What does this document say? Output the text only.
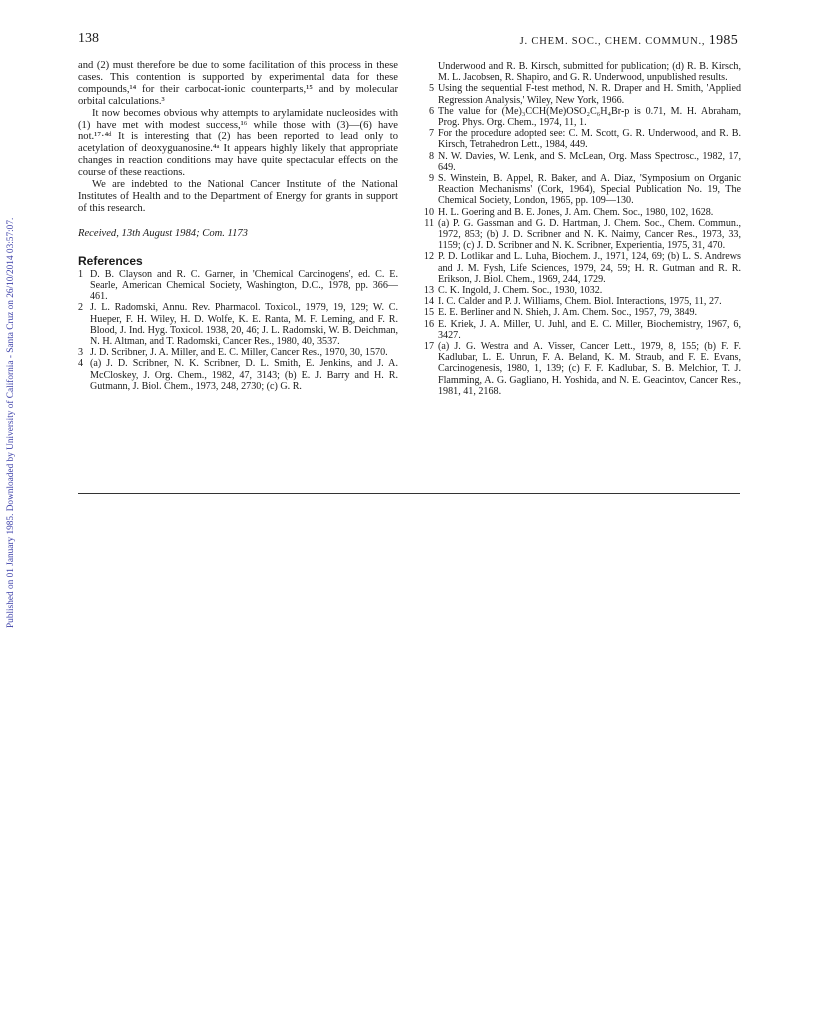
138	J. CHEM. SOC., CHEM. COMMUN., 1985
Published on 01 January 1985. Downloaded by University of California - Santa Cruz on 26/10/2014 03:57:07.

and (2) must therefore be due to some facilitation of this process in these cases. This contention is supported by experimental data for these compounds,¹⁴ for their carbocat-ionic counterparts,¹⁵ and by molecular orbital calculations.³

It now becomes obvious why attempts to arylamidate nucleosides with (1) have met with modest success,¹⁶ while those with (3)—(6) have not.¹⁷·⁴ᵈ It is interesting that (2) has been reported to lead only to acetylation of deoxyguanosine.⁴ᵃ It appears highly likely that appropriate changes in reaction conditions may have quite spectacular effects on the course of these reactions.

We are indebted to the National Cancer Institute of the National Institutes of Health and to the Department of Energy for grants in support of this research.

Received, 13th August 1984; Com. 1173

References
1 D. B. Clayson and R. C. Garner, in 'Chemical Carcinogens', ed. C. E. Searle, American Chemical Society, Washington, D.C., 1978, pp. 366—461.
2 J. L. Radomski, Annu. Rev. Pharmacol. Toxicol., 1979, 19, 129; W. C. Hueper, F. H. Wiley, H. D. Wolfe, K. E. Ranta, M. F. Leming, and F. R. Blood, J. Ind. Hyg. Toxicol. 1938, 20, 46; J. L. Radomski, W. B. Deichman, N. H. Altman, and T. Radomski, Cancer Res., 1980, 40, 3537.
3 J. D. Scribner, J. A. Miller, and E. C. Miller, Cancer Res., 1970, 30, 1570.
4 (a) J. D. Scribner, N. K. Scribner, D. L. Smith, E. Jenkins, and J. A. McCloskey, J. Org. Chem., 1982, 47, 3143; (b) E. J. Barry and H. R. Gutmann, J. Biol. Chem., 1973, 248, 2730; (c) G. R.
Underwood and R. B. Kirsch, submitted for publication; (d) R. B. Kirsch, M. L. Jacobsen, R. Shapiro, and G. R. Underwood, unpublished results.
5 Using the sequential F-test method, N. R. Draper and H. Smith, 'Applied Regression Analysis,' Wiley, New York, 1966.
6 The value for (Me)₃CCH(Me)OSO₂C₆H₄Br-p is 0.71, M. H. Abraham, Prog. Phys. Org. Chem., 1974, 11, 1.
7 For the procedure adopted see: C. M. Scott, G. R. Underwood, and R. B. Kirsch, Tetrahedron Lett., 1984, 449.
8 N. W. Davies, W. Lenk, and S. McLean, Org. Mass Spectrosc., 1982, 17, 649.
9 S. Winstein, B. Appel, R. Baker, and A. Diaz, 'Symposium on Organic Reaction Mechanisms' (Cork, 1964), Special Publication No. 19, The Chemical Society, London, 1965, pp. 109—130.
10 H. L. Goering and B. E. Jones, J. Am. Chem. Soc., 1980, 102, 1628.
11 (a) P. G. Gassman and G. D. Hartman, J. Chem. Soc., Chem. Commun., 1972, 853; (b) J. D. Scribner and N. K. Naimy, Cancer Res., 1973, 33, 1159; (c) J. D. Scribner and N. K. Scribner, Experientia, 1975, 31, 470.
12 P. D. Lotlikar and L. Luha, Biochem. J., 1971, 124, 69; (b) L. S. Andrews and J. M. Fysh, Life Sciences, 1979, 24, 59; H. R. Gutman and R. R. Erikson, J. Biol. Chem., 1969, 244, 1729.
13 C. K. Ingold, J. Chem. Soc., 1930, 1032.
14 I. C. Calder and P. J. Williams, Chem. Biol. Interactions, 1975, 11, 27.
15 E. E. Berliner and N. Shieh, J. Am. Chem. Soc., 1957, 79, 3849.
16 E. Kriek, J. A. Miller, U. Juhl, and E. C. Miller, Biochemistry, 1967, 6, 3427.
17 (a) J. G. Westra and A. Visser, Cancer Lett., 1979, 8, 155; (b) F. F. Kadlubar, L. E. Unrun, F. A. Beland, K. M. Straub, and F. E. Evans, Carcinogenesis, 1980, 1, 139; (c) F. F. Kadlubar, S. B. Melchior, T. J. Flamming, A. G. Gagliano, H. Yoshida, and N. E. Geacintov, Cancer Res., 1981, 41, 2168.
